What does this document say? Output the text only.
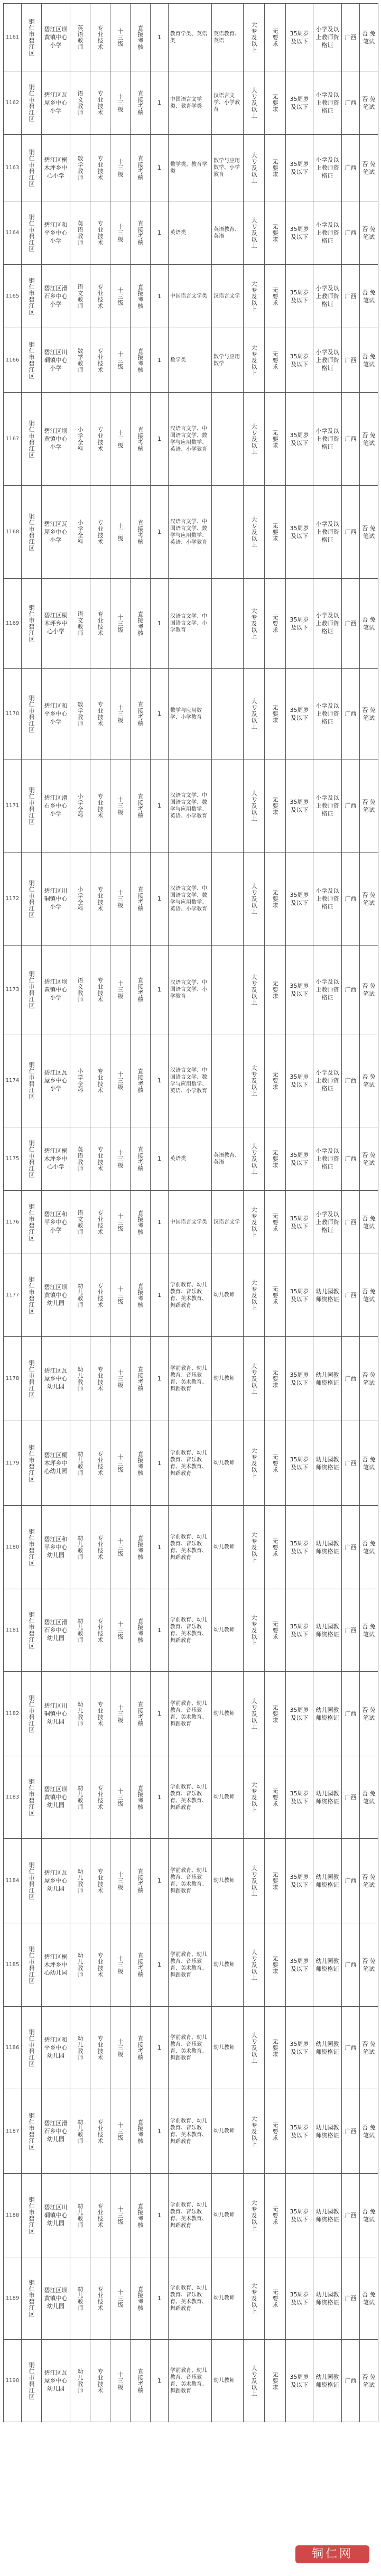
1161	铜仁市碧江区	碧江区坝黄镇中心小学	英语教师	专业技术	十三级	直接考核	1	教育学类、英语类	英语教育、英语	大专及以上	无要求	35周岁及以下	小学及以上教师资格证	广西	否 免笔试
1162	铜仁市碧江区	碧江区瓦屋乡中心小学	语文教师	专业技术	十三级	直接考核	1	中国语言文学类、教育学类	汉语言文学、小学教育	大专及以上	无要求	35周岁及以下	小学及以上教师资格证	广西	否 免笔试
1163	铜仁市碧江区	碧江区桐木坪乡中心小学	数学教师	专业技术	十三级	直接考核	1	数学类、教育学类	数学与应用数学、小学教育	大专及以上	无要求	35周岁及以下	小学及以上教师资格证	广西	否 免笔试
1164	铜仁市碧江区	碧江区和平乡中心小学	英语教师	专业技术	十三级	直接考核	1	英语类	英语教育、英语	大专及以上	无要求	35周岁及以下	小学及以上教师资格证	广西	否 免笔试
1165	铜仁市碧江区	碧江区滑石乡中心小学	语文教师	专业技术	十三级	直接考核	1	中国语言文学类	汉语言文学	大专及以上	无要求	35周岁及以下	小学及以上教师资格证	广西	否 免笔试
1166	铜仁市碧江区	碧江区川硐镇中心小学	数学教师	专业技术	十三级	直接考核	1	数学类	数学与应用数学	大专及以上	无要求	35周岁及以下	小学及以上教师资格证	广西	否 免笔试
1167	铜仁市碧江区	碧江区坝黄镇中心小学	小学全科	专业技术	十三级	直接考核	1	汉语言文学、中国语言文学、数学与应用数学、英语、小学教育		大专及以上	无要求	35周岁及以下	小学及以上教师资格证	广西	否 免笔试
1168	铜仁市碧江区	碧江区瓦屋乡中心小学	小学全科	专业技术	十三级	直接考核	1	汉语言文学、中国语言文学、数学与应用数学、英语、小学教育		大专及以上	无要求	35周岁及以下	小学及以上教师资格证	广西	否 免笔试
1169	铜仁市碧江区	碧江区桐木坪乡中心小学	语文教师	专业技术	十三级	直接考核	1	汉语言文学、中国语言文学、小学教育		大专及以上	无要求	35周岁及以下	小学及以上教师资格证	广西	否 免笔试
1170	铜仁市碧江区	碧江区和平乡中心小学	数学教师	专业技术	十三级	直接考核	1	数学与应用数学、小学教育		大专及以上	无要求	35周岁及以下	小学及以上教师资格证	广西	否 免笔试
1171	铜仁市碧江区	碧江区滑石乡中心小学	小学全科	专业技术	十三级	直接考核	1	汉语言文学、中国语言文学、数学与应用数学、英语、小学教育		大专及以上	无要求	35周岁及以下	小学及以上教师资格证	广西	否 免笔试
1172	铜仁市碧江区	碧江区川硐镇中心小学	小学全科	专业技术	十三级	直接考核	1	汉语言文学、中国语言文学、数学与应用数学、英语、小学教育		大专及以上	无要求	35周岁及以下	小学及以上教师资格证	广西	否 免笔试
1173	铜仁市碧江区	碧江区坝黄镇中心小学	语文教师	专业技术	十三级	直接考核	1	汉语言文学、中国语言文学、小学教育		大专及以上	无要求	35周岁及以下	小学及以上教师资格证	广西	否 免笔试
1174	铜仁市碧江区	碧江区瓦屋乡中心小学	小学全科	专业技术	十三级	直接考核	1	汉语言文学、中国语言文学、数学与应用数学、英语、小学教育		大专及以上	无要求	35周岁及以下	小学及以上教师资格证	广西	否 免笔试
1175	铜仁市碧江区	碧江区桐木坪乡中心小学	英语教师	专业技术	十三级	直接考核	1	英语类	英语教育、英语	大专及以上	无要求	35周岁及以下	小学及以上教师资格证	广西	否 免笔试
1176	铜仁市碧江区	碧江区和平乡中心小学	语文教师	专业技术	十三级	直接考核	1	中国语言文学类	汉语言文学	大专及以上	无要求	35周岁及以下	小学及以上教师资格证	广西	否 免笔试
1177	铜仁市碧江区	碧江区坝黄镇中心幼儿园	幼儿教师	专业技术	十三级	直接考核	1	学前教育、幼儿教育、音乐教育、美术教育、舞蹈教育	幼儿教师	大专及以上	无要求	35周岁及以下	幼儿园教师资格证	广西	否 免笔试
1178	铜仁市碧江区	碧江区瓦屋乡中心幼儿园	幼儿教师	专业技术	十三级	直接考核	1	学前教育、幼儿教育、音乐教育、美术教育、舞蹈教育	幼儿教师	大专及以上	无要求	35周岁及以下	幼儿园教师资格证	广西	否 免笔试
1179	铜仁市碧江区	碧江区桐木坪乡中心幼儿园	幼儿教师	专业技术	十三级	直接考核	1	学前教育、幼儿教育、音乐教育、美术教育、舞蹈教育	幼儿教师	大专及以上	无要求	35周岁及以下	幼儿园教师资格证	广西	否 免笔试
1180	铜仁市碧江区	碧江区和平乡中心幼儿园	幼儿教师	专业技术	十三级	直接考核	1	学前教育、幼儿教育、音乐教育、美术教育、舞蹈教育	幼儿教师	大专及以上	无要求	35周岁及以下	幼儿园教师资格证	广西	否 免笔试
1181	铜仁市碧江区	碧江区滑石乡中心幼儿园	幼儿教师	专业技术	十三级	直接考核	1	学前教育、幼儿教育、音乐教育、美术教育、舞蹈教育	幼儿教师	大专及以上	无要求	35周岁及以下	幼儿园教师资格证	广西	否 免笔试
1182	铜仁市碧江区	碧江区川硐镇中心幼儿园	幼儿教师	专业技术	十三级	直接考核	1	学前教育、幼儿教育、音乐教育、美术教育、舞蹈教育	幼儿教师	大专及以上	无要求	35周岁及以下	幼儿园教师资格证	广西	否 免笔试
1183	铜仁市碧江区	碧江区坝黄镇中心幼儿园	幼儿教师	专业技术	十三级	直接考核	1	学前教育、幼儿教育、音乐教育、美术教育、舞蹈教育	幼儿教师	大专及以上	无要求	35周岁及以下	幼儿园教师资格证	广西	否 免笔试
1184	铜仁市碧江区	碧江区瓦屋乡中心幼儿园	幼儿教师	专业技术	十三级	直接考核	1	学前教育、幼儿教育、音乐教育、美术教育、舞蹈教育	幼儿教师	大专及以上	无要求	35周岁及以下	幼儿园教师资格证	广西	否 免笔试
1185	铜仁市碧江区	碧江区桐木坪乡中心幼儿园	幼儿教师	专业技术	十三级	直接考核	1	学前教育、幼儿教育、音乐教育、美术教育、舞蹈教育	幼儿教师	大专及以上	无要求	35周岁及以下	幼儿园教师资格证	广西	否 免笔试
1186	铜仁市碧江区	碧江区和平乡中心幼儿园	幼儿教师	专业技术	十三级	直接考核	1	学前教育、幼儿教育、音乐教育、美术教育、舞蹈教育	幼儿教师	大专及以上	无要求	35周岁及以下	幼儿园教师资格证	广西	否 免笔试
1187	铜仁市碧江区	碧江区滑石乡中心幼儿园	幼儿教师	专业技术	十三级	直接考核	1	学前教育、幼儿教育、音乐教育、美术教育、舞蹈教育	幼儿教师	大专及以上	无要求	35周岁及以下	幼儿园教师资格证	广西	否 免笔试
1188	铜仁市碧江区	碧江区川硐镇中心幼儿园	幼儿教师	专业技术	十三级	直接考核	1	学前教育、幼儿教育、音乐教育、美术教育、舞蹈教育	幼儿教师	大专及以上	无要求	35周岁及以下	幼儿园教师资格证	广西	否 免笔试
1189	铜仁市碧江区	碧江区坝黄镇中心幼儿园	幼儿教师	专业技术	十三级	直接考核	1	学前教育、幼儿教育、音乐教育、美术教育、舞蹈教育	幼儿教师	大专及以上	无要求	35周岁及以下	幼儿园教师资格证	广西	否 免笔试
1190	铜仁市碧江区	碧江区瓦屋乡中心幼儿园	幼儿教师	专业技术	十三级	直接考核	1	学前教育、幼儿教育、音乐教育、美术教育、舞蹈教育	幼儿教师	大专及以上	无要求	35周岁及以下	幼儿园教师资格证	广西	否 免笔试
铜仁网
